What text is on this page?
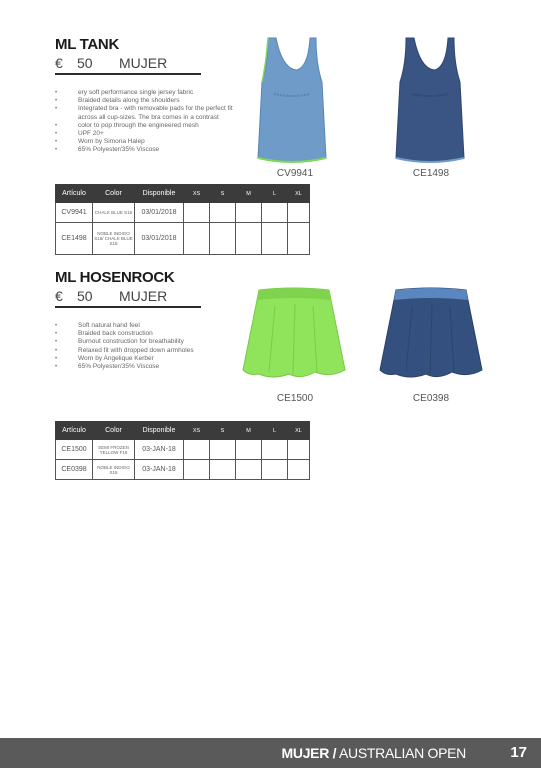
ML TANK
€	50	MUJER
• ery soft performance single jersey fabric
• Braided details along the shoulders
• Integrated bra - with removable pads for the perfect fit across all cup-sizes. The bra comes in a contrast
• color to pop through the engineered mesh
• UPF 20+
• Worn by Simona Halep
• 65% Polyester/35% Viscose
Artículo	Color	Disponible	XS	S	M	L	XL
CV9941	CHALK BLUE S18	03/01/2018					
CE1498	NOBLE INDIGO S18/ CHALK BLUE S18	03/01/2018					
CV9941	CE1498
ML HOSENROCK
€	50	MUJER
• Soft natural hand feel
• Braided back construction
• Burnout construction for breathability
• Relaxed fit with dropped down armholes
• Worn by Angelique Kerber
• 65% Polyester/35% Viscose
Artículo	Color	Disponible	XS	S	M	L	XL
CE1500	SEMI FROZEN YELLOW F16	03-JAN-18					
CE0398	NOBLE INDIGO S18	03-JAN-18					
CE1500	CE0398
MUJER / AUSTRALIAN OPEN	17
